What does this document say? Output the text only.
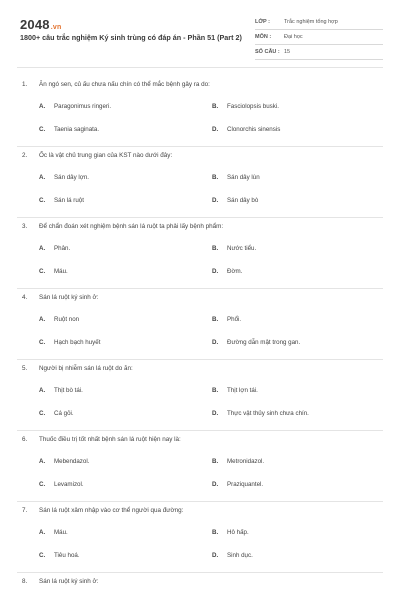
2048.vn
1800+ câu trắc nghiệm Ký sinh trùng có đáp án - Phần 51 (Part 2)
LỚP :	Trắc nghiệm tổng hợp
MÔN : Đại học
SỐ CÂU : 15
1. Ăn ngó sen, củ ấu chưa nấu chín có thể mắc bệnh gây ra do:
A. Paragonimus ringeri.	B. Fasciolopsis buski.
C. Taenia saginata.	D. Clonorchis sinensis
2. Ốc là vật chủ trung gian của KST nào dưới đây:
A. Sán dây lợn.	B. Sán dây lùn
C. Sán lá ruột	D. Sán dây bò
3. Để chẩn đoán xét nghiệm bệnh sán lá ruột ta phải lấy bệnh phẩm:
A. Phân.	B. Nước tiểu.
C. Máu.	D. Đờm.
4. Sán lá ruột ký sinh ở:
A. Ruột non	B. Phổi.
C. Hạch bạch huyết	D. Đường dẫn mật trong gan.
5. Người bị nhiễm sán lá ruột do ăn:
A. Thịt bò tái.	B. Thịt lợn tái.
C. Cá gỏi.	D. Thực vật thủy sinh chưa chín.
6. Thuốc điều trị tốt nhất bệnh sán lá ruột hiện nay là:
A. Mebendazol.	B. Metronidazol.
C. Levamizol.	D. Praziquantel.
7. Sán lá ruột xâm nhập vào cơ thể người qua đường:
A. Máu.	B. Hô hấp.
C. Tiêu hoá.	D. Sinh dục.
8. Sán lá ruột ký sinh ở:
